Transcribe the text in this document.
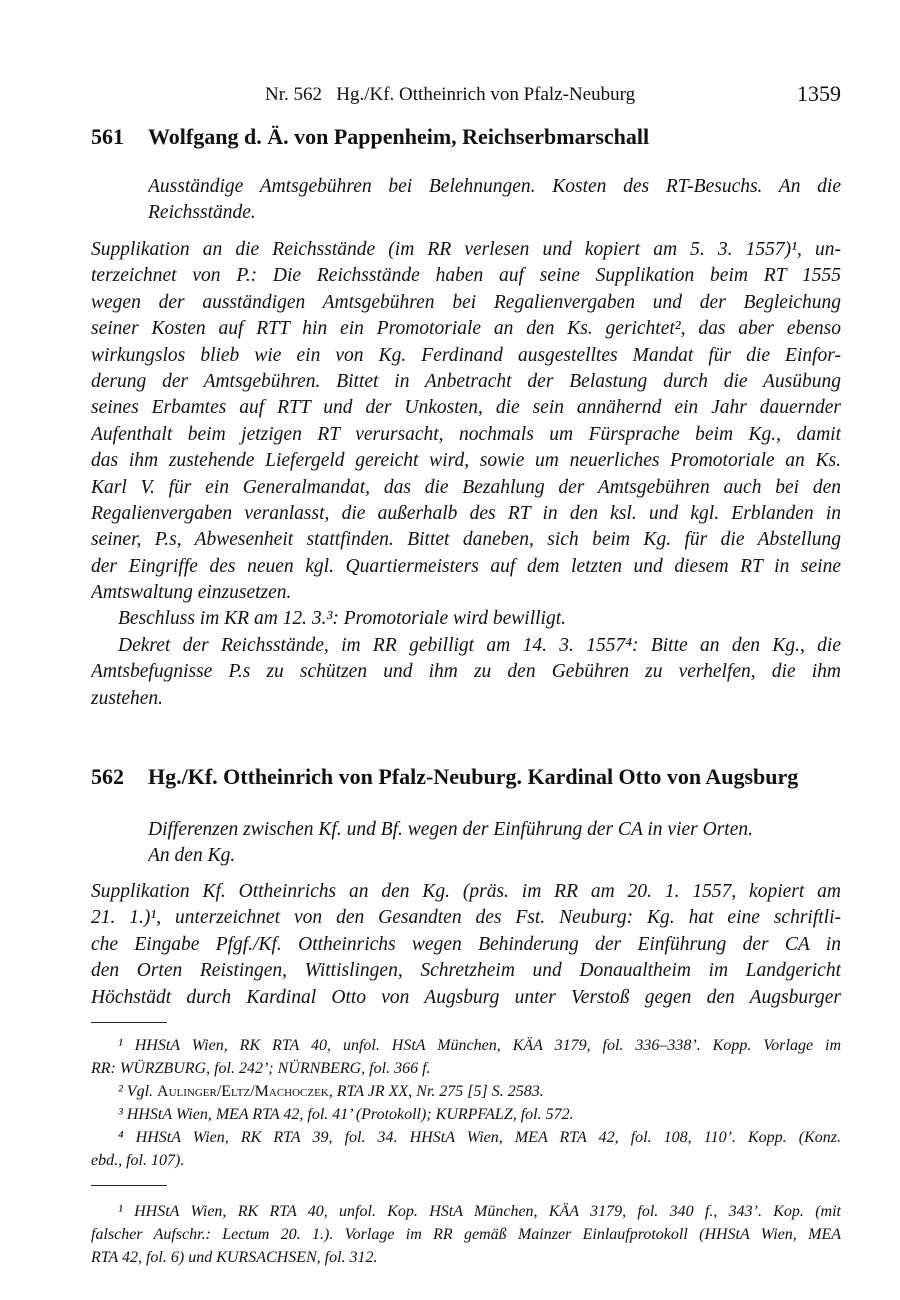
Nr. 562   Hg./Kf. Ottheinrich von Pfalz-Neuburg	1359
561 Wolfgang d. Ä. von Pappenheim, Reichserbmarschall
Ausständige Amtsgebühren bei Belehnungen. Kosten des RT-Besuchs. An die
Reichsstände.
Supplikation an die Reichsstände (im RR verlesen und kopiert am 5. 3. 1557)¹, un-
terzeichnet von P.: Die Reichsstände haben auf seine Supplikation beim RT 1555
wegen der ausständigen Amtsgebühren bei Regalienvergaben und der Begleichung
seiner Kosten auf RTT hin ein Promotoriale an den Ks. gerichtet², das aber ebenso
wirkungslos blieb wie ein von Kg. Ferdinand ausgestelltes Mandat für die Einfor-
derung der Amtsgebühren. Bittet in Anbetracht der Belastung durch die Ausübung
seines Erbamtes auf RTT und der Unkosten, die sein annähernd ein Jahr dauernder
Aufenthalt beim jetzigen RT verursacht, nochmals um Fürsprache beim Kg., damit
das ihm zustehende Liefergeld gereicht wird, sowie um neuerliches Promotoriale an Ks.
Karl V. für ein Generalmandat, das die Bezahlung der Amtsgebühren auch bei den
Regalienvergaben veranlasst, die außerhalb des RT in den ksl. und kgl. Erblanden in
seiner, P.s, Abwesenheit stattfinden. Bittet daneben, sich beim Kg. für die Abstellung
der Eingriffe des neuen kgl. Quartiermeisters auf dem letzten und diesem RT in seine
Amtswaltung einzusetzen.
Beschluss im KR am 12. 3.³: Promotoriale wird bewilligt.
Dekret der Reichsstände, im RR gebilligt am 14. 3. 1557⁴: Bitte an den Kg., die
Amtsbefugnisse P.s zu schützen und ihm zu den Gebühren zu verhelfen, die ihm
zustehen.
562 Hg./Kf. Ottheinrich von Pfalz-Neuburg. Kardinal Otto von Augsburg
Differenzen zwischen Kf. und Bf. wegen der Einführung der CA in vier Orten.
An den Kg.
Supplikation Kf. Ottheinrichs an den Kg. (präs. im RR am 20. 1. 1557, kopiert am
21. 1.)¹, unterzeichnet von den Gesandten des Fst. Neuburg: Kg. hat eine schriftli-
che Eingabe Pfgf./Kf. Ottheinrichs wegen Behinderung der Einführung der CA in
den Orten Reistingen, Wittislingen, Schretzheim und Donaualtheim im Landgericht
Höchstädt durch Kardinal Otto von Augsburg unter Verstoß gegen den Augsburger
¹ HHStA Wien, RK RTA 40, unfol. HStA München, KÄA 3179, fol. 336–338’. Kopp. Vorlage im
RR: WÜRZBURG, fol. 242’; NÜRNBERG, fol. 366 f.
² Vgl. Aulinger/Eltz/Machoczek, RTA JR XX, Nr. 275 [5] S. 2583.
³ HHStA Wien, MEA RTA 42, fol. 41’ (Protokoll); KURPFALZ, fol. 572.
⁴ HHStA Wien, RK RTA 39, fol. 34. HHStA Wien, MEA RTA 42, fol. 108, 110’. Kopp. (Konz.
ebd., fol. 107).
¹ HHStA Wien, RK RTA 40, unfol. Kop. HStA München, KÄA 3179, fol. 340 f., 343’. Kop. (mit
falscher Aufschr.: Lectum 20. 1.). Vorlage im RR gemäß Mainzer Einlaufprotokoll (HHStA Wien, MEA
RTA 42, fol. 6) und KURSACHSEN, fol. 312.
